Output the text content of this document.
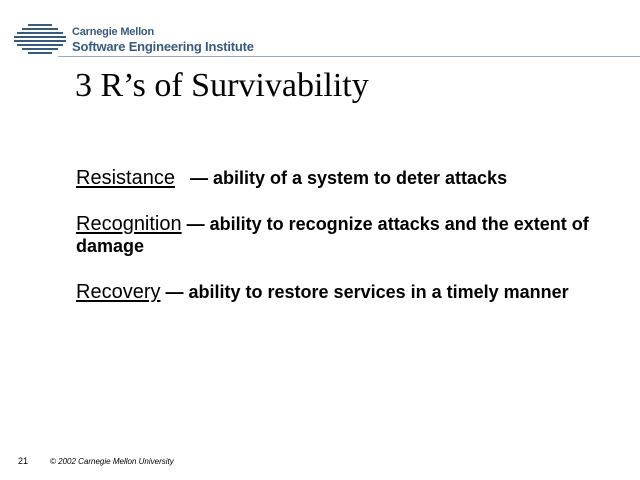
Carnegie Mellon
Software Engineering Institute
3 R’s of Survivability
Resistance — ability of a system to deter attacks
Recognition — ability to recognize attacks and the extent of damage
Recovery — ability to restore services in a timely manner
21	© 2002 Carnegie Mellon University
